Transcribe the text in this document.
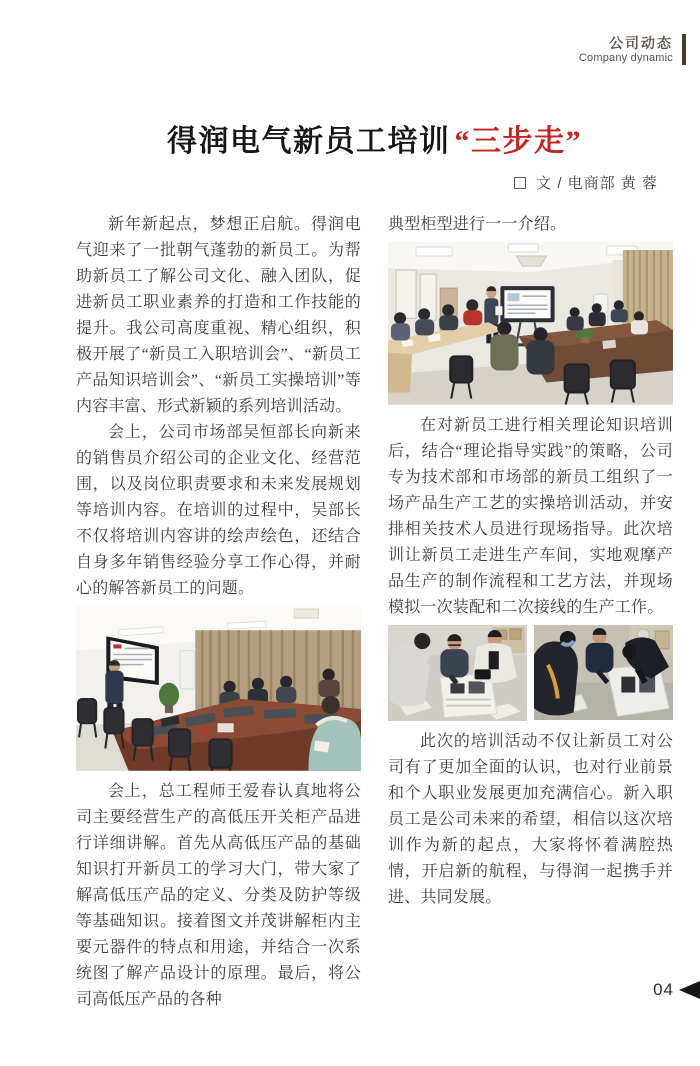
公司动态
Company dynamic
得润电气新员工培训 “三步走”
文 / 电商部 黄 蓉

新年新起点，梦想正启航。得润电气迎来了一批朝气蓬勃的新员工。为帮助新员工了解公司文化、融入团队，促进新员工职业素养的打造和工作技能的提升。我公司高度重视、精心组织，积极开展了“新员工入职培训会”、“新员工产品知识培训会”、“新员工实操培训”等内容丰富、形式新颖的系列培训活动。

会上，公司市场部吴恒部长向新来的销售员介绍公司的企业文化、经营范围，以及岗位职责要求和未来发展规划等培训内容。在培训的过程中，吴部长不仅将培训内容讲的绘声绘色，还结合自身多年销售经验分享工作心得，并耐心的解答新员工的问题。

会上，总工程师王爱春认真地将公司主要经营生产的高低压开关柜产品进行详细讲解。首先从高低压产品的基础知识打开新员工的学习大门，带大家了解高低压产品的定义、分类及防护等级等基础知识。接着图文并茂讲解柜内主要元器件的特点和用途，并结合一次系统图了解产品设计的原理。最后，将公司高低压产品的各种

典型柜型进行一一介绍。

在对新员工进行相关理论知识培训后，结合“理论指导实践”的策略，公司专为技术部和市场部的新员工组织了一场产品生产工艺的实操培训活动，并安排相关技术人员进行现场指导。此次培训让新员工走进生产车间，实地观摩产品生产的制作流程和工艺方法，并现场模拟一次装配和二次接线的生产工作。

此次的培训活动不仅让新员工对公司有了更加全面的认识，也对行业前景和个人职业发展更加充满信心。新入职员工是公司未来的希望，相信以这次培训作为新的起点，大家将怀着满腔热情，开启新的航程，与得润一起携手并进、共同发展。

04
